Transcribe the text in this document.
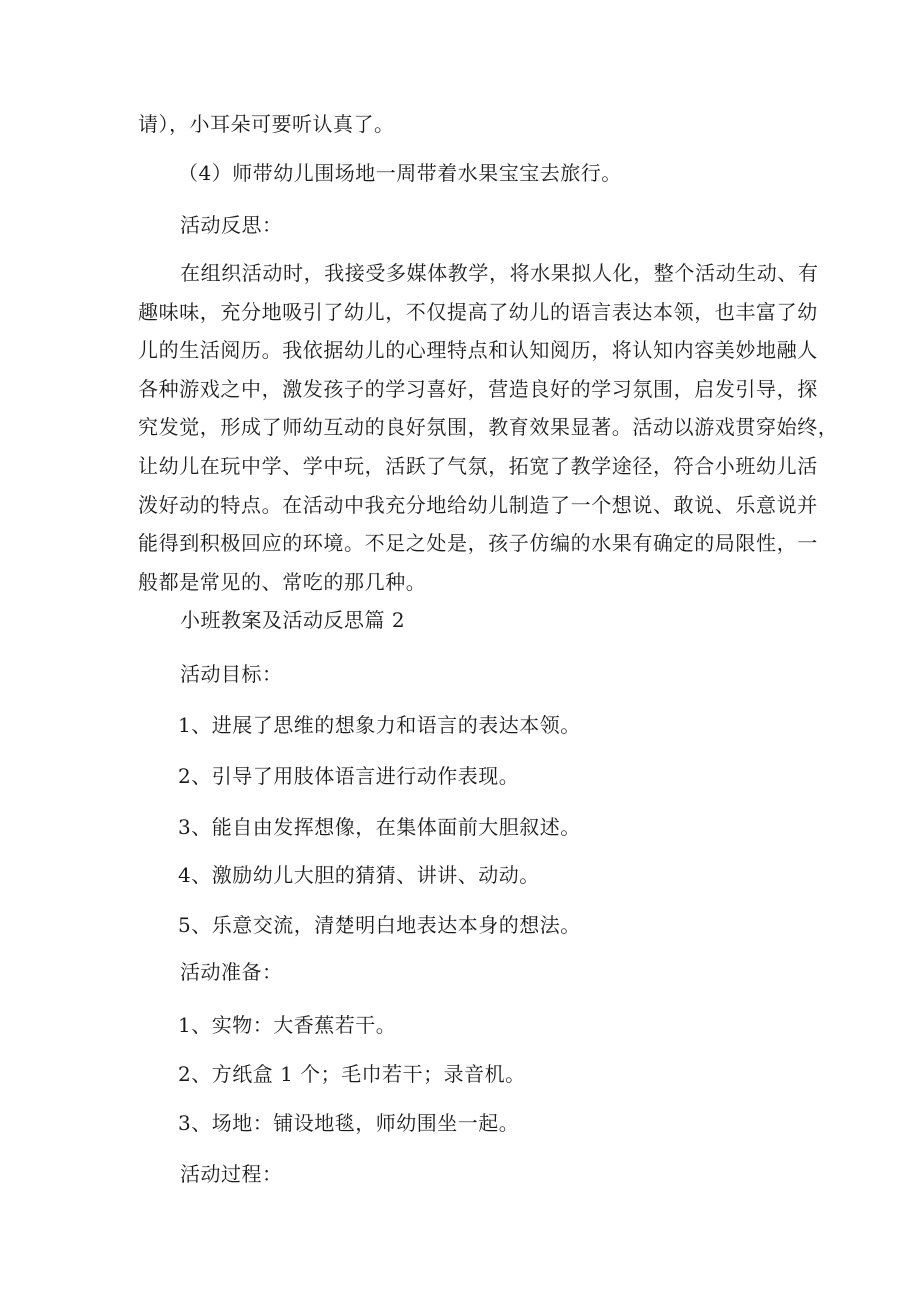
请），小耳朵可要听认真了。
（4）师带幼儿围场地一周带着水果宝宝去旅行。
活动反思：
在组织活动时，我接受多媒体教学，将水果拟人化，整个活动生动、有
趣味味，充分地吸引了幼儿，不仅提高了幼儿的语言表达本领，也丰富了幼
儿的生活阅历。我依据幼儿的心理特点和认知阅历，将认知内容美妙地融人
各种游戏之中，激发孩子的学习喜好，营造良好的学习氛围，启发引导，探
究发觉，形成了师幼互动的良好氛围，教育效果显著。活动以游戏贯穿始终，
让幼儿在玩中学、学中玩，活跃了气氛，拓宽了教学途径，符合小班幼儿活
泼好动的特点。在活动中我充分地给幼儿制造了一个想说、敢说、乐意说并
能得到积极回应的环境。不足之处是，孩子仿编的水果有确定的局限性，一
般都是常见的、常吃的那几种。
小班教案及活动反思篇 2
活动目标：
1、进展了思维的想象力和语言的表达本领。
2、引导了用肢体语言进行动作表现。
3、能自由发挥想像，在集体面前大胆叙述。
4、激励幼儿大胆的猜猜、讲讲、动动。
5、乐意交流，清楚明白地表达本身的想法。
活动准备：
1、实物：大香蕉若干。
2、方纸盒 1 个；毛巾若干；录音机。
3、场地：铺设地毯，师幼围坐一起。
活动过程：
